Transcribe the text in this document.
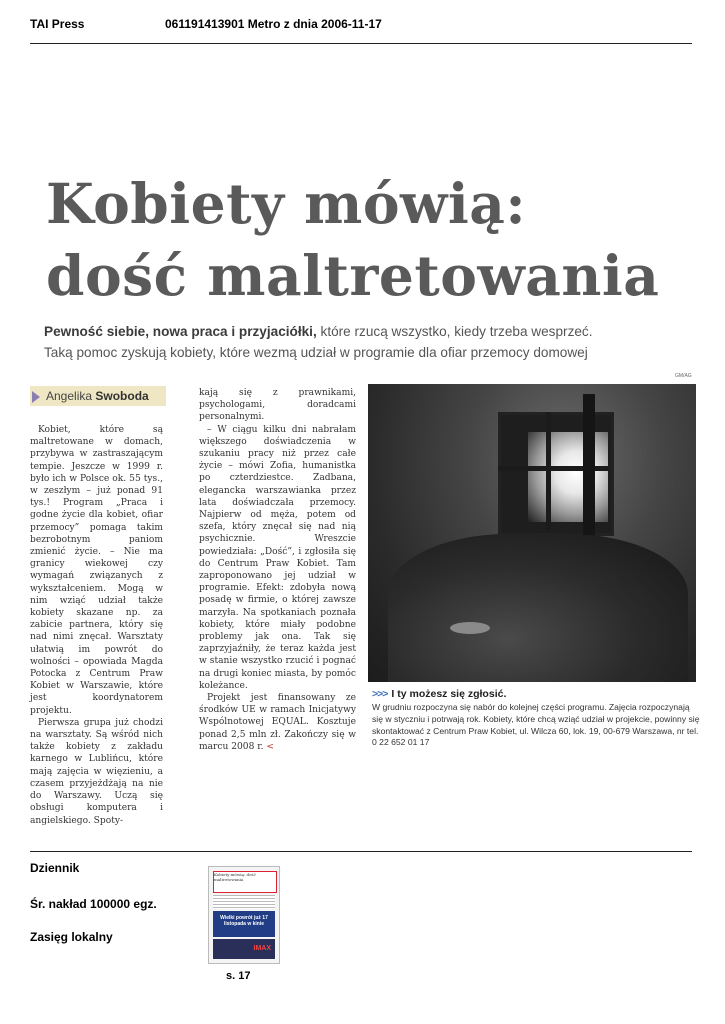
TAI Press	061191413901 Metro z dnia 2006-11-17
Kobiety mówią:
dość maltretowania
Pewność siebie, nowa praca i przyjaciółki, które rzucą wszystko, kiedy trzeba wesprzeć.
Taką pomoc zyskują kobiety, które wezmą udział w programie dla ofiar przemocy domowej
Angelika Swoboda

Kobiet, które są maltretowane w domach, przybywa w zastraszającym tempie. Jeszcze w 1999 r. było ich w Polsce ok. 55 tys., w zeszłym – już ponad 91 tys.! Program „Praca i godne życie dla kobiet, ofiar przemocy” pomaga takim bezrobotnym paniom zmienić życie. – Nie ma granicy wiekowej czy wymagań związanych z wykształceniem. Mogą w nim wziąć udział także kobiety skazane np. za zabicie partnera, który się nad nimi znęcał. Warsztaty ułatwią im powrót do wolności – opowiada Magda Potocka z Centrum Praw Kobiet w Warszawie, które jest koordynatorem projektu.

Pierwsza grupa już chodzi na warsztaty. Są wśród nich także kobiety z zakładu karnego w Lublińcu, które mają zajęcia w więzieniu, a czasem przyjeżdżają na nie do Warszawy. Uczą się obsługi komputera i angielskiego. Spoty-

kają się z prawnikami, psychologami, doradcami personalnymi.

– W ciągu kilku dni nabrałam większego doświadczenia w szukaniu pracy niż przez całe życie – mówi Zofia, humanistka po czterdziestce. Zadbana, elegancka warszawianka przez lata doświadczała przemocy. Najpierw od męża, potem od szefa, który znęcał się nad nią psychicznie. Wreszcie powiedziała: „Dość”, i zgłosiła się do Centrum Praw Kobiet. Tam zaproponowano jej udział w programie. Efekt: zdobyła nową posadę w firmie, o której zawsze marzyła. Na spotkaniach poznała kobiety, które miały podobne problemy jak ona. Tak się zaprzyjaźniły, że teraz każda jest w stanie wszystko rzucić i pognać na drugi koniec miasta, by pomóc koleżance.

Projekt jest finansowany ze środków UE w ramach Inicjatywy Wspólnotowej EQUAL. Kosztuje ponad 2,5 mln zł. Zakończy się w marcu 2008 r. <

GM/AG
>>> I ty możesz się zgłosić.
W grudniu rozpoczyna się nabór do kolejnej części programu. Zajęcia rozpoczynają się w styczniu i potrwają rok. Kobiety, które chcą wziąć udział w projekcie, powinny się skontaktować z Centrum Praw Kobiet, ul. Wilcza 60, lok. 19, 00-679 Warszawa, nr tel. 0 22 652 01 17
Dziennik
Śr. nakład 100000 egz.
Zasięg lokalny
Kobiety mówią: dość maltretowania
Wielki powrót już 17 listopada w kinie
IMAX
s. 17
